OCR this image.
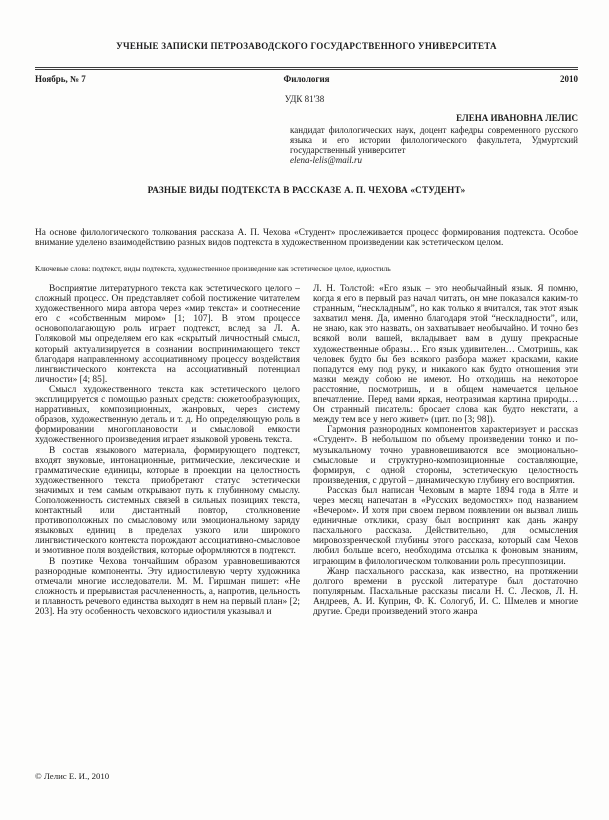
УЧЕНЫЕ ЗАПИСКИ ПЕТРОЗАВОДСКОГО ГОСУДАРСТВЕННОГО УНИВЕРСИТЕТА
Ноябрь, № 7	Филология	2010
УДК 81'38
ЕЛЕНА ИВАНОВНА ЛЕЛИС
кандидат филологических наук, доцент кафедры современного русского языка и его истории филологического факультета, Удмуртский государственный университет
elena-lelis@mail.ru
РАЗНЫЕ ВИДЫ ПОДТЕКСТА В РАССКАЗЕ А. П. ЧЕХОВА «СТУДЕНТ»
На основе филологического толкования рассказа А. П. Чехова «Студент» прослеживается процесс формирования подтекста. Особое внимание уделено взаимодействию разных видов подтекста в художественном произведении как эстетическом целом.
Ключевые слова: подтекст, виды подтекста, художественное произведение как эстетическое целое, идиостиль

Восприятие литературного текста как эстетического целого – сложный процесс. Он представляет собой постижение читателем художественного мира автора через «мир текста» и соотнесение его с «собственным миром» [1; 107]. В этом процессе основополагающую роль играет подтекст, вслед за Л. А. Голяковой мы определяем его как «скрытый личностный смысл, который актуализируется в сознании воспринимающего текст благодаря направленному ассоциативному процессу воздействия лингвистического контекста на ассоциативный потенциал личности» [4; 85].

Смысл художественного текста как эстетического целого эксплицируется с помощью разных средств: сюжетообразующих, нарративных, композиционных, жанровых, через систему образов, художественную деталь и т. д. Но определяющую роль в формировании многоплановости и смысловой емкости художественного произведения играет языковой уровень текста.

В состав языкового материала, формирующего подтекст, входят звуковые, интонационные, ритмические, лексические и грамматические единицы, которые в проекции на целостность художественного текста приобретают статус эстетически значимых и тем самым открывают путь к глубинному смыслу. Соположенность системных связей в сильных позициях текста, контактный или дистантный повтор, столкновение противоположных по смысловому или эмоциональному заряду языковых единиц в пределах узкого или широкого лингвистического контекста порождают ассоциативно-смысловое и эмотивное поля воздействия, которые оформляются в подтекст.

В поэтике Чехова тончайшим образом уравновешиваются разнородные компоненты. Эту идиостилевую черту художника отмечали многие исследователи. М. М. Гиршман пишет: «Не сложность и прерывистая расчлененность, а, напротив, цельность и плавность речевого единства выходят в нем на первый план» [2; 203]. На эту особенность чеховского идиостиля указывал и

Л. Н. Толстой: «Его язык – это необычайный язык. Я помню, когда я его в первый раз начал читать, он мне показался каким-то странным, “нескладным”, но как только я вчитался, так этот язык захватил меня. Да, именно благодаря этой “нескладности”, или, не знаю, как это назвать, он захватывает необычайно. И точно без всякой воли вашей, вкладывает вам в душу прекрасные художественные образы… Его язык удивителен… Смотришь, как человек будто бы без всякого разбора мажет красками, какие попадутся ему под руку, и никакого как будто отношения эти мазки между собою не имеют. Но отходишь на некоторое расстояние, посмотришь, и в общем намечается цельное впечатление. Перед вами яркая, неотразимая картина природы… Он странный писатель: бросает слова как будто некстати, а между тем все у него живет» (цит. по [3; 98]).

Гармония разнородных компонентов характеризует и рассказ «Студент». В небольшом по объему произведении тонко и по-музыкальному точно уравновешиваются все эмоционально-смысловые и структурно-композиционные составляющие, формируя, с одной стороны, эстетическую целостность произведения, с другой – динамическую глубину его восприятия.

Рассказ был написан Чеховым в марте 1894 года в Ялте и через месяц напечатан в «Русских ведомостях» под названием «Вечером». И хотя при своем первом появлении он вызвал лишь единичные отклики, сразу был воспринят как дань жанру пасхального рассказа. Действительно, для осмысления мировоззренческой глубины этого рассказа, который сам Чехов любил больше всего, необходима отсылка к фоновым знаниям, играющим в филологическом толковании роль пресуппозиции.

Жанр пасхального рассказа, как известно, на протяжении долгого времени в русской литературе был достаточно популярным. Пасхальные рассказы писали Н. С. Лесков, Л. Н. Андреев, А. И. Куприн, Ф. К. Сологуб, И. С. Шмелев и многие другие. Среди произведений этого жанра

© Лелис Е. И., 2010
